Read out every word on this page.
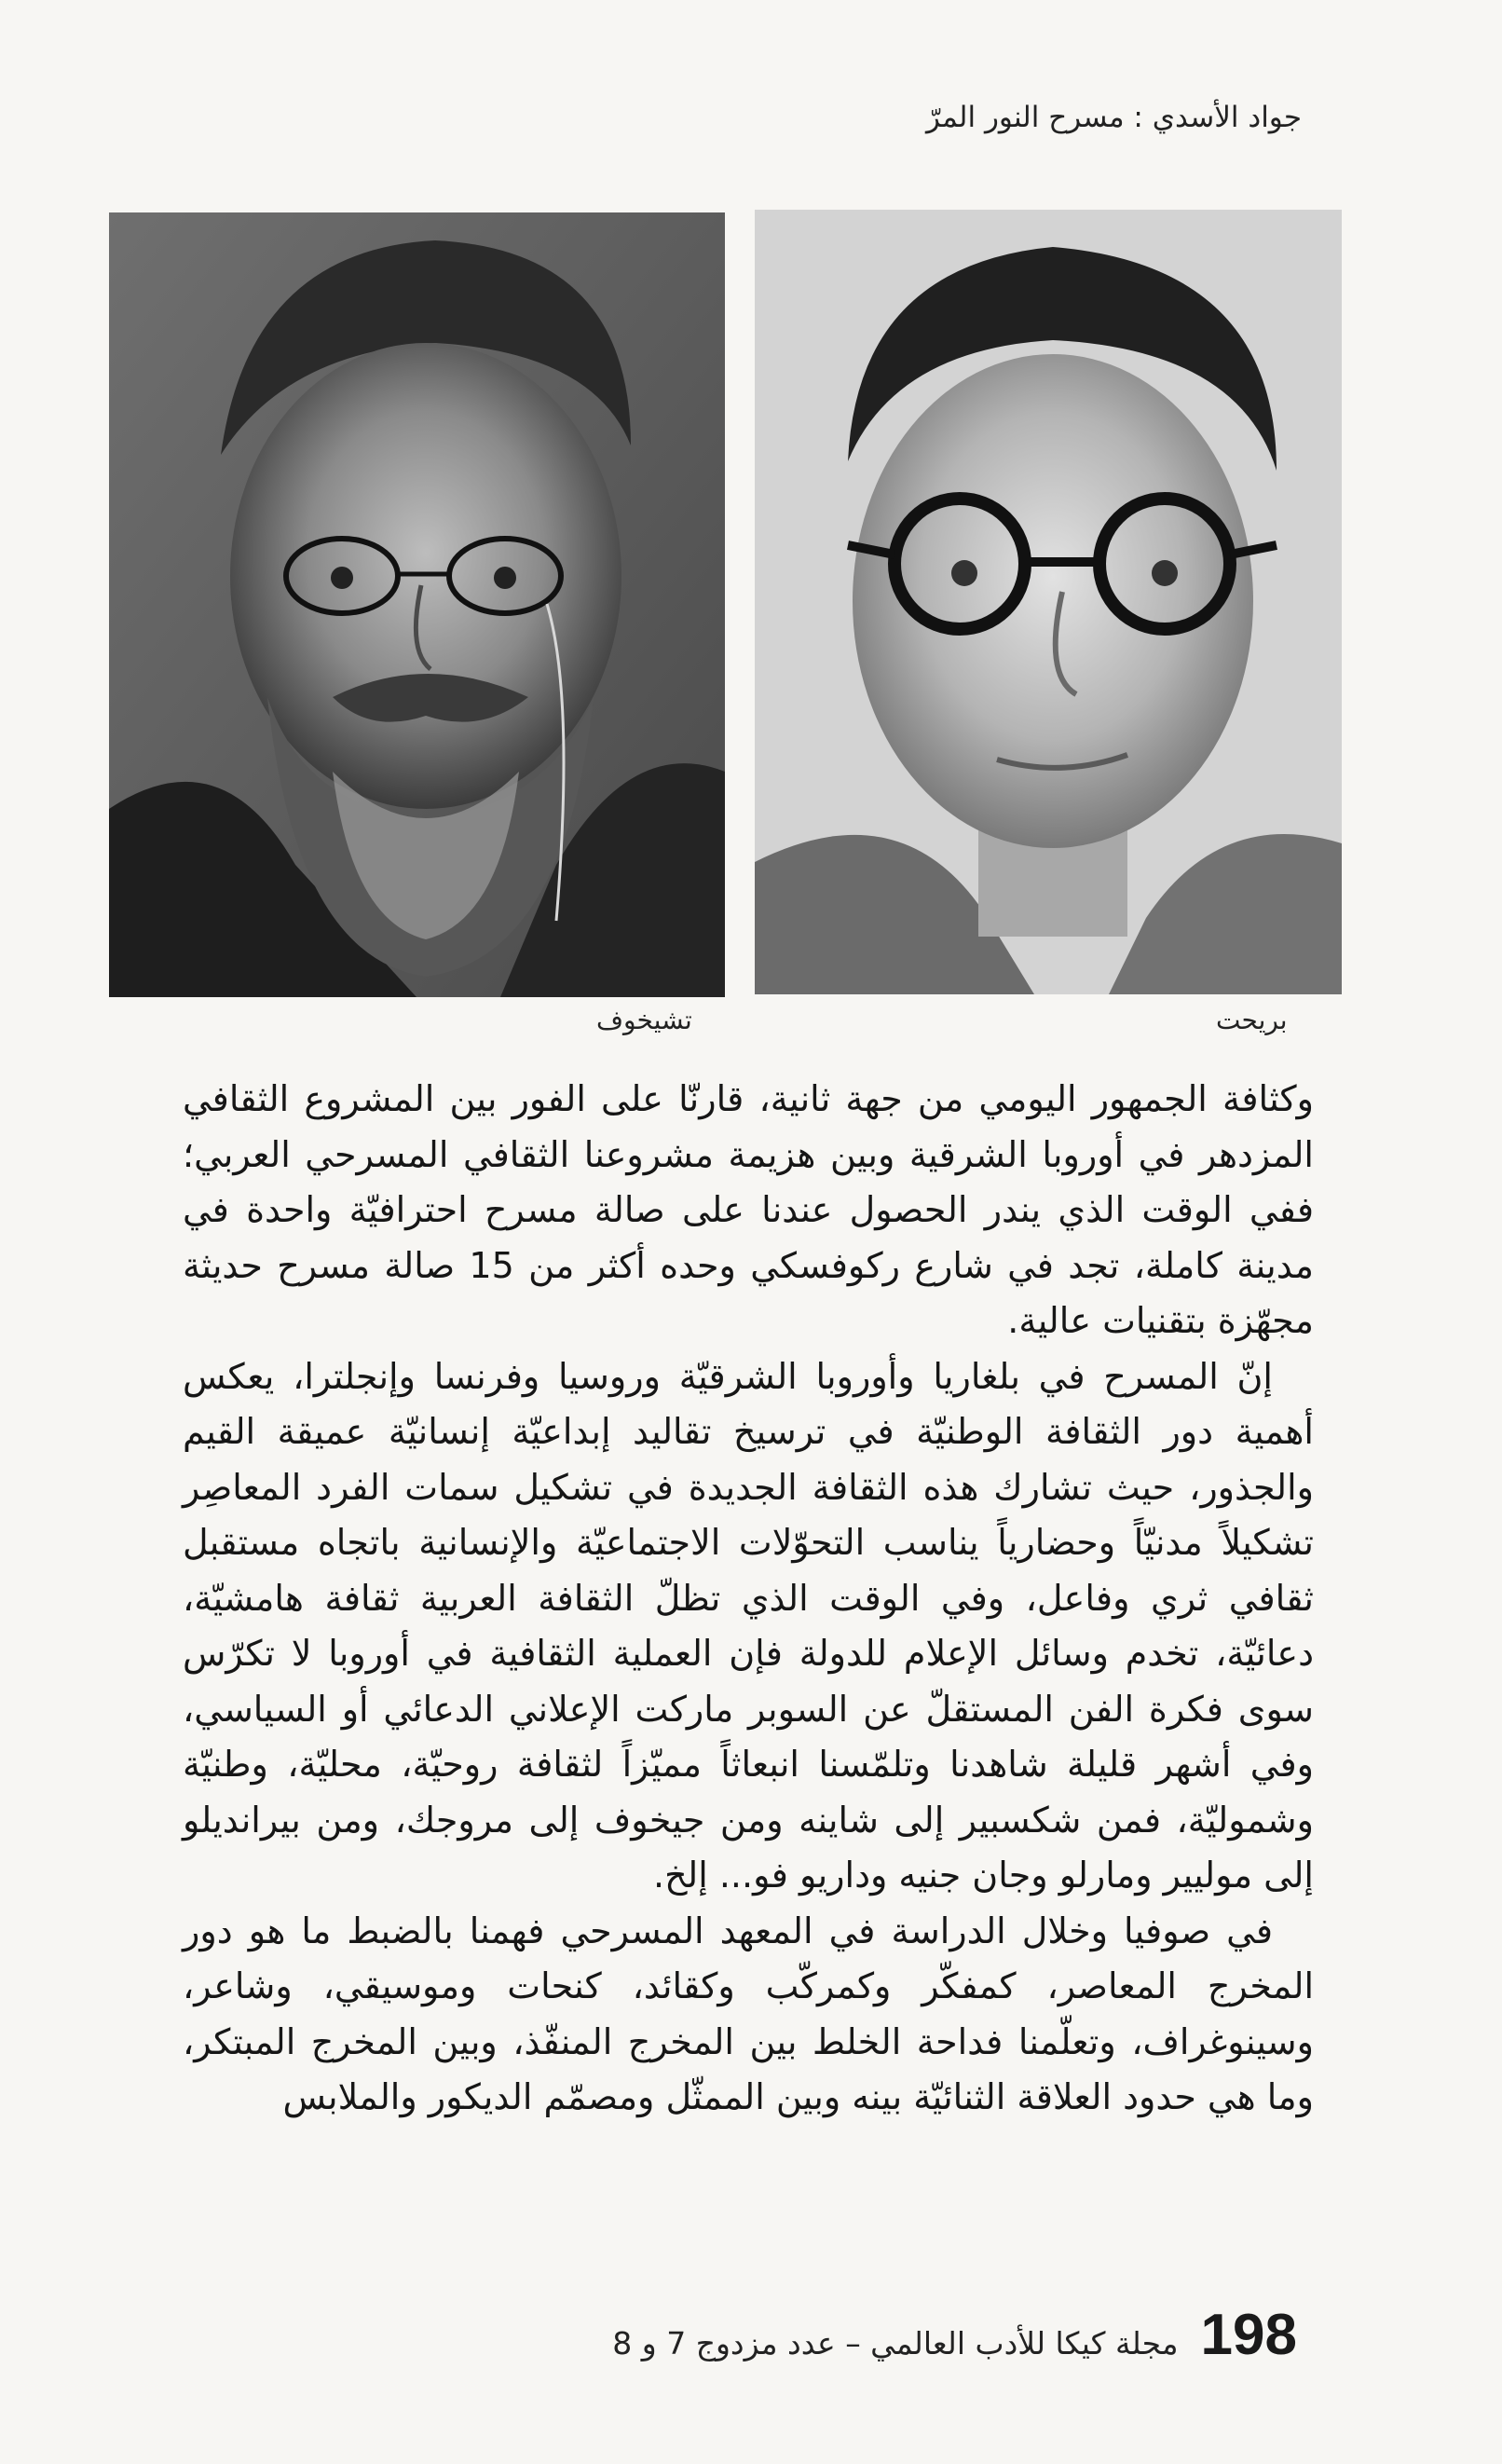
جواد الأسدي : مسرح النور المرّ
تشيخوف	بريحت

وكثافة الجمهور اليومي من جهة ثانية، قارنّا على الفور بين المشروع الثقافي المزدهر في أوروبا الشرقية وبين هزيمة مشروعنا الثقافي المسرحي العربي؛ ففي الوقت الذي يندر الحصول عندنا على صالة مسرح احترافيّة واحدة في مدينة كاملة، تجد في شارع ركوفسكي وحده أكثر من 15 صالة مسرح حديثة مجهّزة بتقنيات عالية.

إنّ المسرح في بلغاريا وأوروبا الشرقيّة وروسيا وفرنسا وإنجلترا، يعكس أهمية دور الثقافة الوطنيّة في ترسيخ تقاليد إبداعيّة إنسانيّة عميقة القيم والجذور، حيث تشارك هذه الثقافة الجديدة في تشكيل سمات الفرد المعاصِر تشكيلاً مدنيّاً وحضارياً يناسب التحوّلات الاجتماعيّة والإنسانية باتجاه مستقبل ثقافي ثري وفاعل، وفي الوقت الذي تظلّ الثقافة العربية ثقافة هامشيّة، دعائيّة، تخدم وسائل الإعلام للدولة فإن العملية الثقافية في أوروبا لا تكرّس سوى فكرة الفن المستقلّ عن السوبر ماركت الإعلاني الدعائي أو السياسي، وفي أشهر قليلة شاهدنا وتلمّسنا انبعاثاً مميّزاً لثقافة روحيّة، محليّة، وطنيّة وشموليّة، فمن شكسبير إلى شاينه ومن جيخوف إلى مروجك، ومن بيرانديلو إلى موليير ومارلو وجان جنيه وداريو فو... إلخ.

في صوفيا وخلال الدراسة في المعهد المسرحي فهمنا بالضبط ما هو دور المخرج المعاصر، كمفكّر وكمركّب وكقائد، كنحات وموسيقي، وشاعر، وسينوغراف، وتعلّمنا فداحة الخلط بين المخرج المنفّذ، وبين المخرج المبتكر، وما هي حدود العلاقة الثنائيّة بينه وبين الممثّل ومصمّم الديكور والملابس

198
مجلة كيكا للأدب العالمي – عدد مزدوج 7 و 8
